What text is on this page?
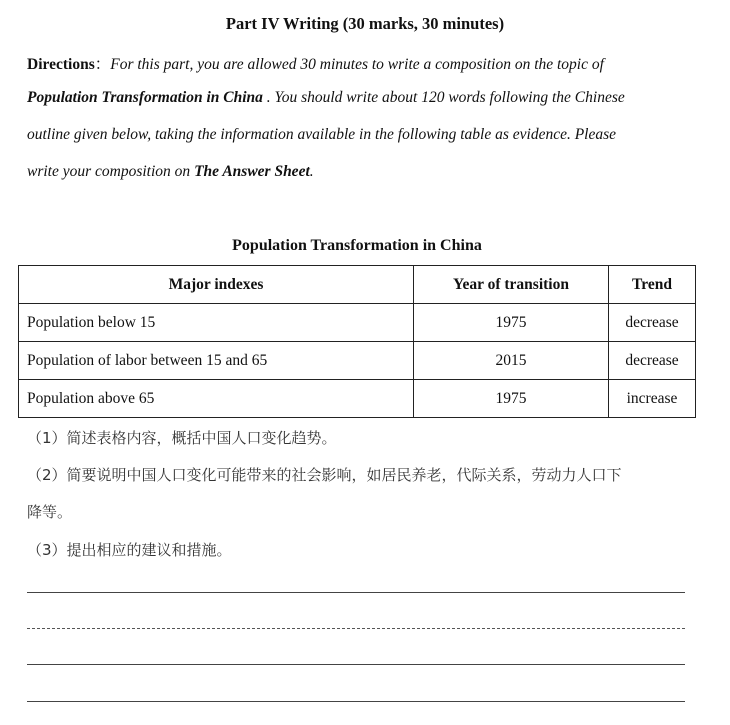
Part IV Writing (30 marks, 30 minutes)
Directions：For this part, you are allowed 30 minutes to write a composition on the topic of
Population Transformation in China . You should write about 120 words following the Chinese
outline given below, taking the information available in the following table as evidence. Please
write your composition on The Answer Sheet.
Population Transformation in China
Major indexes	Year of transition	Trend
Population below 15	1975	decrease
Population of labor between 15 and 65	2015	decrease
Population above 65	1975	increase
（1）简述表格内容，概括中国人口变化趋势。
（2）简要说明中国人口变化可能带来的社会影响，如居民养老，代际关系，劳动力人口下
降等。
（3）提出相应的建议和措施。
